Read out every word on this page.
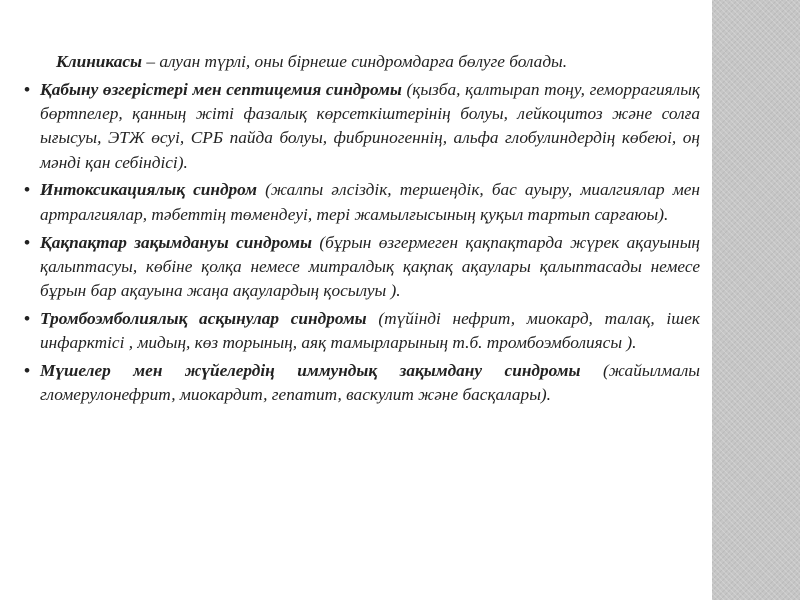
Клиникасы – алуан түрлі, оны бірнеше синдромдарға бөлуге болады.

• Қабыну өзгерістері мен септицемия синдромы (қызба, қалтырап тоңу, геморрагиялық бөртпелер, қанның жіті фазалық көрсеткіштерінің болуы, лейкоцитоз және солға ығысуы, ЭТЖ өсуі, СРБ пайда болуы, фибриногеннің, альфа глобулиндердің көбеюі, оң мәнді қан себіндісі).

• Интоксикациялық синдром (жалпы әлсіздік, тершеңдік, бас ауыру, миалгиялар мен артралгиялар, тәбеттің төмендеуі, тері жамылғысының қуқыл тартып сарғаюы).

• Қақпақтар зақымдануы синдромы (бұрын өзгермеген қақпақтарда жүрек ақауының қалыптасуы, көбіне қолқа немесе митралдық қақпақ ақаулары қалыптасады немесе бұрын бар ақауына жаңа ақаулардың қосылуы ).

• Тромбоэмболиялық асқынулар синдромы (түйінді нефрит, миокард, талақ, ішек инфарктісі , мидың, көз торының, аяқ тамырларының т.б. тромбоэмболиясы ).

• Мүшелер мен жүйелердің иммундық зақымдану синдромы (жайылмалы гломерулонефрит, миокардит, гепатит, васкулит және басқалары).
